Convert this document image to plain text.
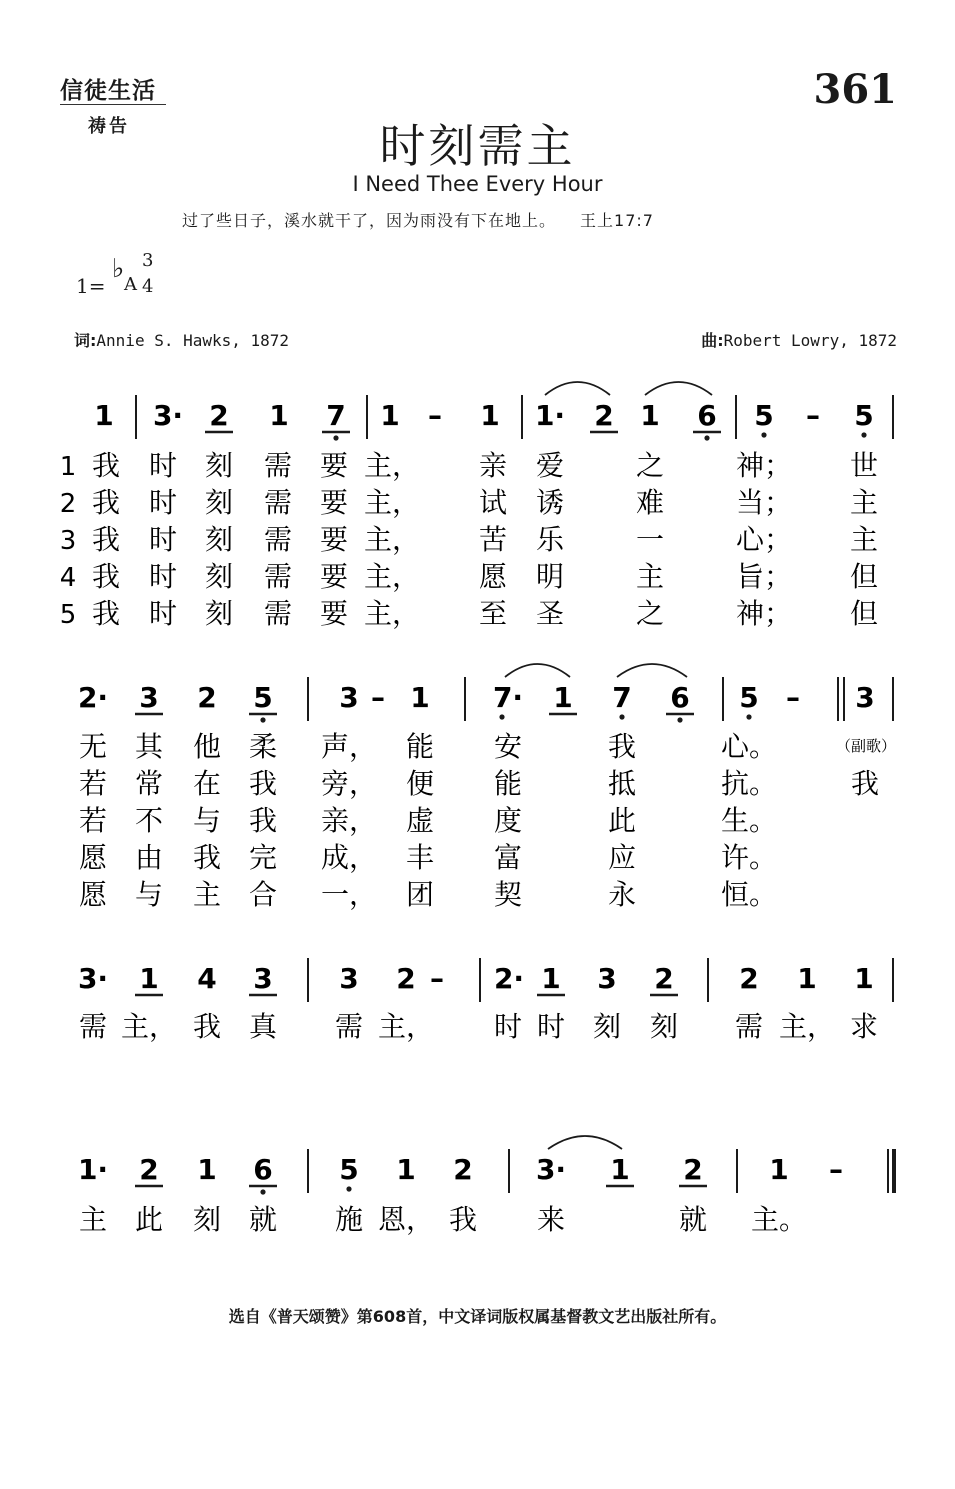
信徒生活
祷告
361
时刻需主
I Need Thee Every Hour
过了些日子，溪水就干了，因为雨没有下在地上。 王上17:7
1=
♭
A
3
4
词:Annie S. Hawks, 1872	曲:Robert Lowry, 1872
1 3· 2 1 7 1 – 1 1· 2 1 6 5 – 5
1 我 时 刻 需 要 主， 亲 爱	之	神； 世
2 我 时 刻 需 要 主， 试 诱	难	当； 主
3 我 时 刻 需 要 主， 苦 乐	一	心； 主
4 我 时 刻 需 要 主， 愿 明	主	旨； 但
5 我 时 刻 需 要 主， 至 圣	之	神； 但
2· 3 2 5 3 – 1 7· 1 7 6 5 – 3
无 其 他 柔 声， 能 安	我	心。
若 常 在 我 旁， 便 能	抵	抗。	我
若 不 与 我 亲， 虚 度	此	生。
愿 由 我 完 成， 丰 富	应	许。
愿 与 主 合 一， 团 契	永	恒。
（副歌）
3· 1 4 3 3 2 – 2· 1 3 2 2 1 1
需 主， 我 真 需 主， 时 时 刻 刻 需 主， 求
1· 2 1 6 5 1 2 3· 1 2 1 –
主 此 刻 就 施 恩， 我 来	就 主。
选自《普天颂赞》第608首，中文译词版权属基督教文艺出版社所有。
